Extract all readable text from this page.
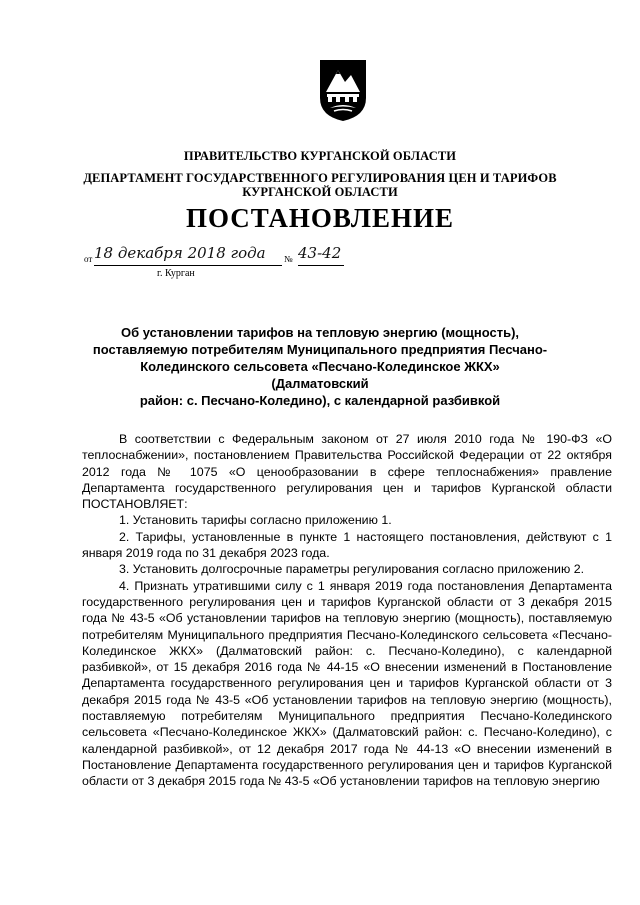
ПРАВИТЕЛЬСТВО КУРГАНСКОЙ ОБЛАСТИ
ДЕПАРТАМЕНТ ГОСУДАРСТВЕННОГО РЕГУЛИРОВАНИЯ ЦЕН И ТАРИФОВ
КУРГАНСКОЙ ОБЛАСТИ
ПОСТАНОВЛЕНИЕ
от 18 декабря 2018 года № 43-42
г. Курган
Об установлении тарифов на тепловую энергию (мощность),
поставляемую потребителям Муниципального предприятия Песчано-
Колединского сельсовета «Песчано-Колединское ЖКХ» (Далматовский
район: с. Песчано-Коледино), с календарной разбивкой

В соответствии с Федеральным законом от 27 июля 2010 года № 190-ФЗ «О теплоснабжении», постановлением Правительства Российской Федерации от 22 октября 2012 года № 1075 «О ценообразовании в сфере теплоснабжения» правление Департамента государственного регулирования цен и тарифов Курганской области ПОСТАНОВЛЯЕТ:

1. Установить тарифы согласно приложению 1.

2. Тарифы, установленные в пункте 1 настоящего постановления, действуют с 1 января 2019 года по 31 декабря 2023 года.

3. Установить долгосрочные параметры регулирования согласно приложению 2.

4. Признать утратившими силу с 1 января 2019 года постановления Департамента государственного регулирования цен и тарифов Курганской области от 3 декабря 2015 года № 43-5 «Об установлении тарифов на тепловую энергию (мощность), поставляемую потребителям Муниципального предприятия Песчано-Колединского сельсовета «Песчано-Колединское ЖКХ» (Далматовский район: с. Песчано-Коледино), с календарной разбивкой», от 15 декабря 2016 года № 44-15 «О внесении изменений в Постановление Департамента государственного регулирования цен и тарифов Курганской области от 3 декабря 2015 года № 43-5 «Об установлении тарифов на тепловую энергию (мощность), поставляемую потребителям Муниципального предприятия Песчано-Колединского сельсовета «Песчано-Колединское ЖКХ» (Далматовский район: с. Песчано-Коледино), с календарной разбивкой», от 12 декабря 2017 года № 44-13 «О внесении изменений в Постановление Департамента государственного регулирования цен и тарифов Курганской области от 3 декабря 2015 года № 43-5 «Об установлении тарифов на тепловую энергию
